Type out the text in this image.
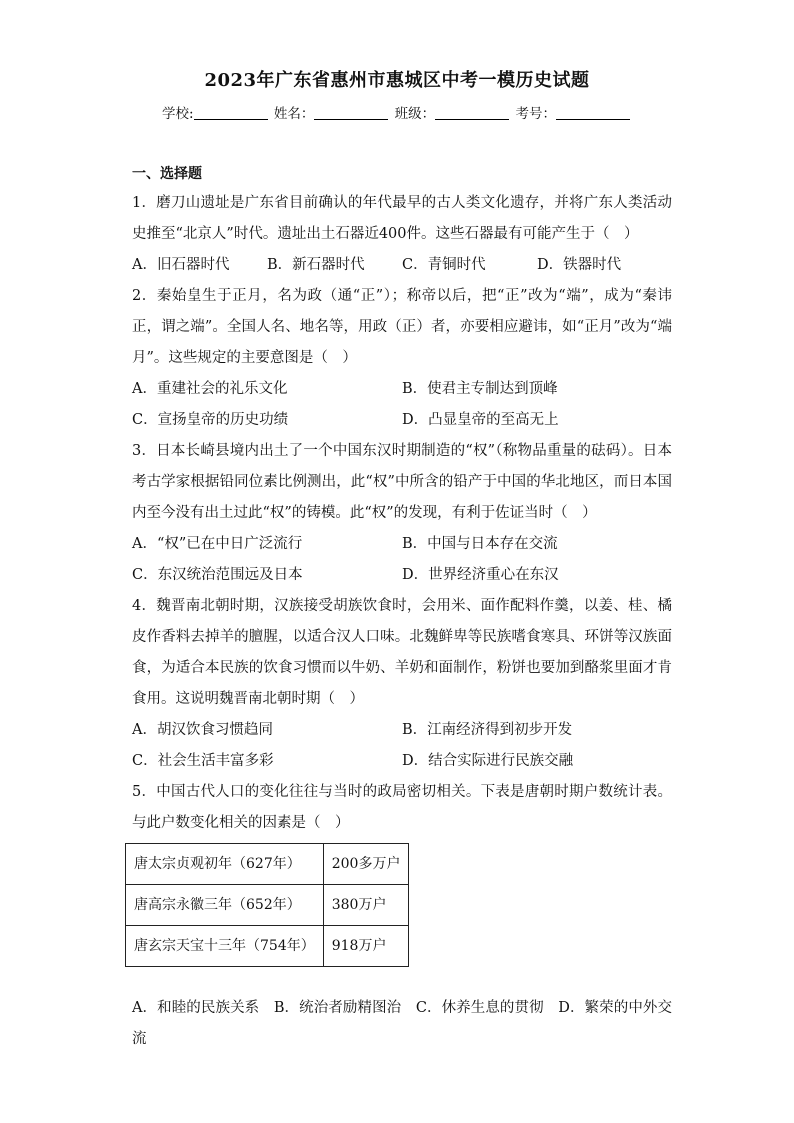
2023年广东省惠州市惠城区中考一模历史试题
学校:	姓名：	班级：	考号：
一、选择题

1．磨刀山遗址是广东省目前确认的年代最早的古人类文化遗存，并将广东人类活动史推至“北京人”时代。遗址出土石器近400件。这些石器最有可能产生于（　）

A．旧石器时代	B．新石器时代	C．青铜时代	D．铁器时代

2．秦始皇生于正月，名为政（通“正”）；称帝以后，把“正”改为“端”，成为“秦讳正，谓之端”。全国人名、地名等，用政（正）者，亦要相应避讳，如“正月”改为“端月”。这些规定的主要意图是（　）

A．重建社会的礼乐文化	B．使君主专制达到顶峰
C．宣扬皇帝的历史功绩	D．凸显皇帝的至高无上

3．日本长崎县境内出土了一个中国东汉时期制造的“权”（称物品重量的砝码）。日本考古学家根据铅同位素比例测出，此“权”中所含的铅产于中国的华北地区，而日本国内至今没有出土过此“权”的铸模。此“权”的发现，有利于佐证当时（　）

A．“权”已在中日广泛流行	B．中国与日本存在交流
C．东汉统治范围远及日本	D．世界经济重心在东汉

4．魏晋南北朝时期，汉族接受胡族饮食时，会用米、面作配料作羹，以姜、桂、橘皮作香料去掉羊的膻腥，以适合汉人口味。北魏鲜卑等民族嗜食寒具、环饼等汉族面食，为适合本民族的饮食习惯而以牛奶、羊奶和面制作，粉饼也要加到酪浆里面才肯食用。这说明魏晋南北朝时期（　）

A．胡汉饮食习惯趋同	B．江南经济得到初步开发
C．社会生活丰富多彩	D．结合实际进行民族交融

5．中国古代人口的变化往往与当时的政局密切相关。下表是唐朝时期户数统计表。与此户数变化相关的因素是（　）

唐太宗贞观初年（627年）	200多万户
唐高宗永徽三年（652年）	380万户
唐玄宗天宝十三年（754年）	918万户

A．和睦的民族关系　B．统治者励精图治　C．休养生息的贯彻　D．繁荣的中外交流
